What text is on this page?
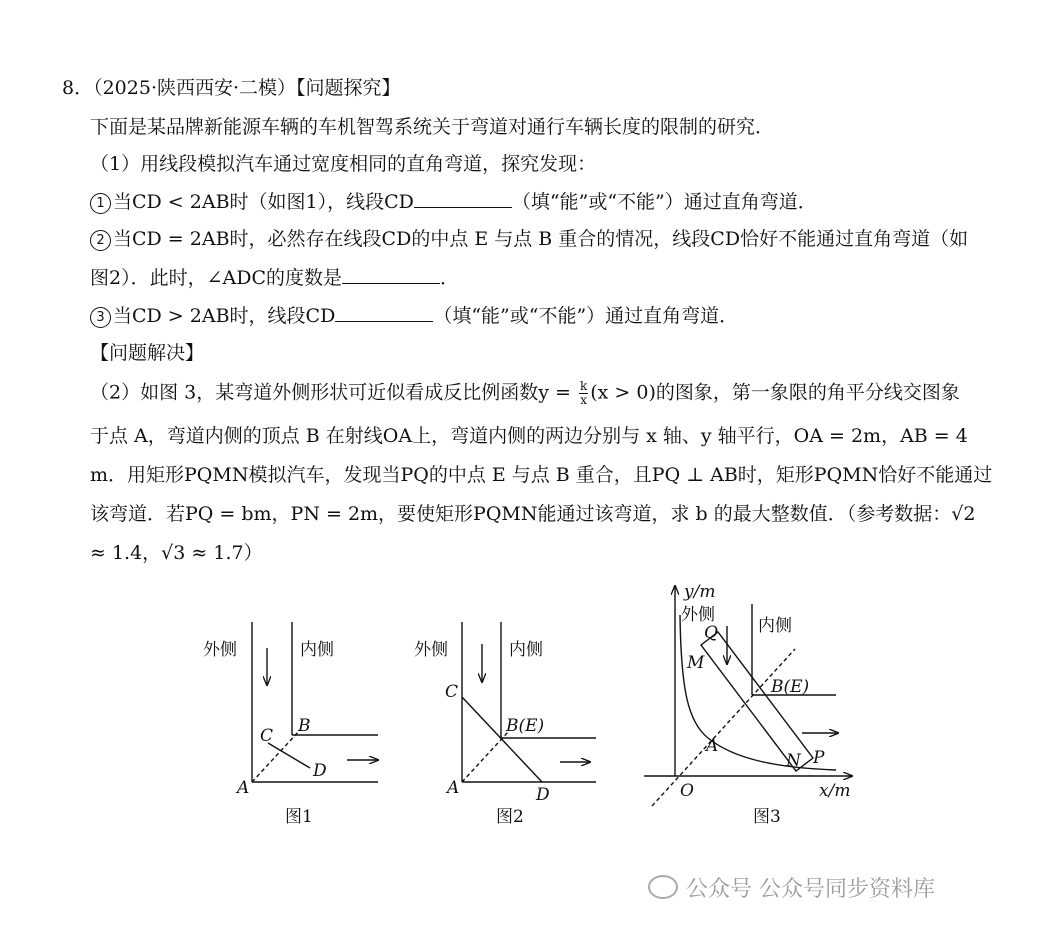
8．（2025·陕西西安·二模）【问题探究】
下面是某品牌新能源车辆的车机智驾系统关于弯道对通行车辆长度的限制的研究．
（1）用线段模拟汽车通过宽度相同的直角弯道，探究发现：
1 当CD < 2AB时（如图1），线段CD	（填“能”或“不能”）通过直角弯道．
2 当CD = 2AB时，必然存在线段CD的中点 E 与点 B 重合的情况，线段CD恰好不能通过直角弯道（如
图2）．此时，∠ADC的度数是	．
3 当CD > 2AB时，线段CD	（填“能”或“不能”）通过直角弯道．
【问题解决】
（2）如图 3，某弯道外侧形状可近似看成反比例函数$y = \frac{k}{x} (x > 0)$的图象，第一象限的角平分线交图象
于点 A，弯道内侧的顶点 B 在射线OA上，弯道内侧的两边分别与 x 轴、y 轴平行，OA = 2m，AB = 4
m．用矩形PQMN模拟汽车，发现当PQ的中点 E 与点 B 重合，且PQ ⊥ AB时，矩形PQMN恰好不能通过
该弯道．若PQ = bm，PN = 2m，要使矩形PQMN能通过该弯道，求 b 的最大整数值．（参考数据：√2
≈ 1.4，√3 ≈ 1.7）
外侧	内侧
A
B
C
D
图1
外侧	内侧
A
C
B(E)
D
图2
y/m
外侧
内侧
Q
M
B(E)
A
N P
O	x/m
图3
公众号 公众号同步资料库
